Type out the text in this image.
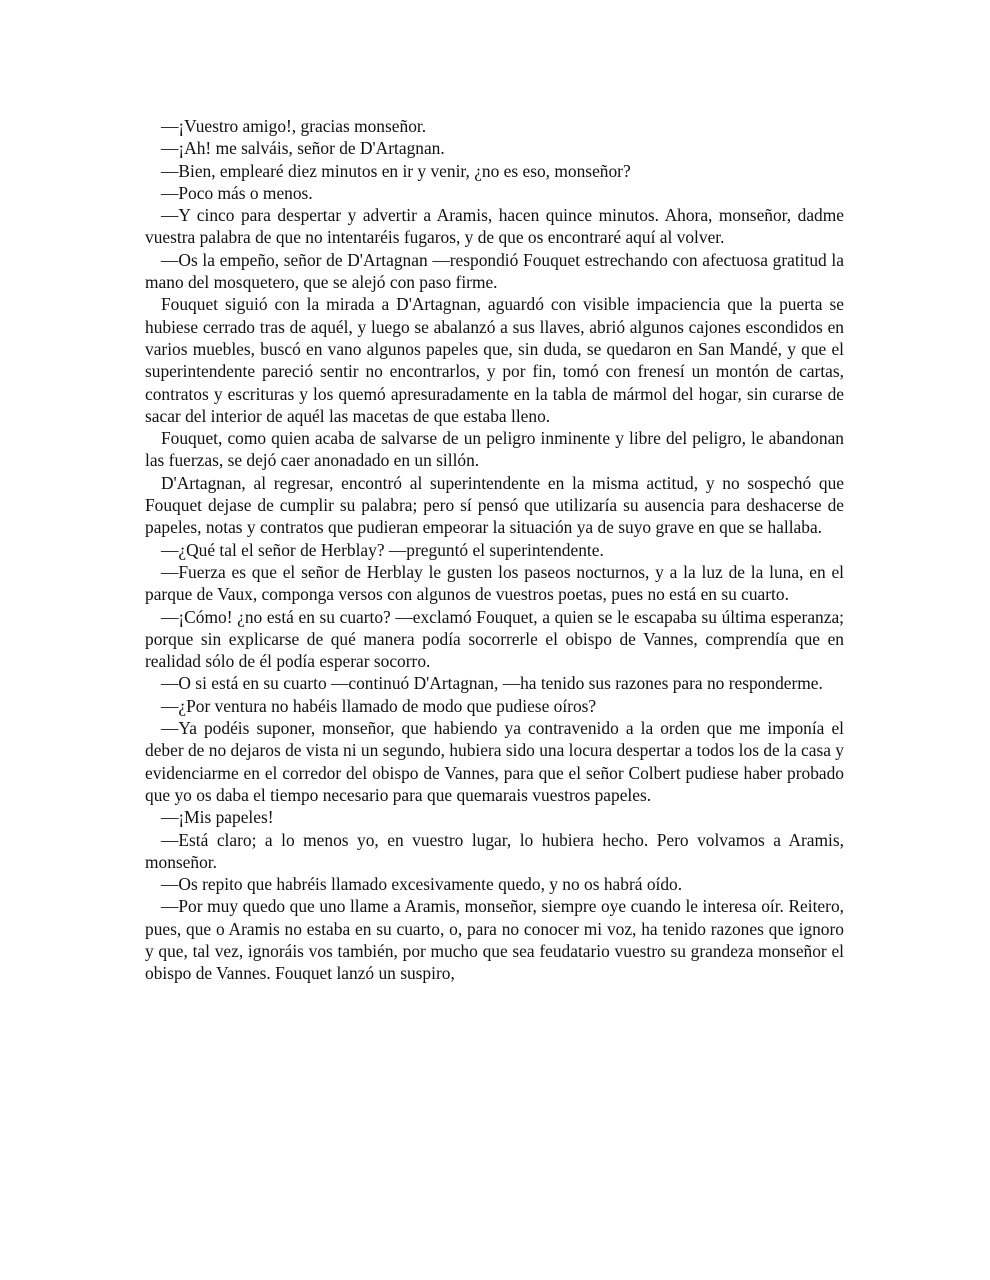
—¡Vuestro amigo!, gracias monseñor.

—¡Ah! me salváis, señor de D'Artagnan.

—Bien, emplearé diez minutos en ir y venir, ¿no es eso, monseñor?

—Poco más o menos.

—Y cinco para despertar y advertir a Aramis, hacen quince minutos. Ahora, monseñor, dadme vuestra palabra de que no intentaréis fugaros, y de que os encontraré aquí al volver.

—Os la empeño, señor de D'Artagnan —respondió Fouquet estrechando con afectuosa gratitud la mano del mosquetero, que se alejó con paso firme.

Fouquet siguió con la mirada a D'Artagnan, aguardó con visible impaciencia que la puerta se hubiese cerrado tras de aquél, y luego se abalanzó a sus llaves, abrió algunos cajones escondidos en varios muebles, buscó en vano algunos papeles que, sin duda, se quedaron en San Mandé, y que el superintendente pareció sentir no encontrarlos, y por fin, tomó con frenesí un montón de cartas, contratos y escrituras y los quemó apresuradamente en la tabla de mármol del hogar, sin curarse de sacar del interior de aquél las macetas de que estaba lleno.

Fouquet, como quien acaba de salvarse de un peligro inminente y libre del peligro, le abandonan las fuerzas, se dejó caer anonadado en un sillón.

D'Artagnan, al regresar, encontró al superintendente en la misma actitud, y no sospechó que Fouquet dejase de cumplir su palabra; pero sí pensó que utilizaría su ausencia para deshacerse de papeles, notas y contratos que pudieran empeorar la situación ya de suyo grave en que se hallaba.

—¿Qué tal el señor de Herblay? —preguntó el superintendente.

—Fuerza es que el señor de Herblay le gusten los paseos nocturnos, y a la luz de la luna, en el parque de Vaux, componga versos con algunos de vuestros poetas, pues no está en su cuarto.

—¡Cómo! ¿no está en su cuarto? —exclamó Fouquet, a quien se le escapaba su última esperanza; porque sin explicarse de qué manera podía socorrerle el obispo de Vannes, comprendía que en realidad sólo de él podía esperar socorro.

—O si está en su cuarto —continuó D'Artagnan, —ha tenido sus razones para no responderme.

—¿Por ventura no habéis llamado de modo que pudiese oíros?

—Ya podéis suponer, monseñor, que habiendo ya contravenido a la orden que me imponía el deber de no dejaros de vista ni un segundo, hubiera sido una locura despertar a todos los de la casa y evidenciarme en el corredor del obispo de Vannes, para que el señor Colbert pudiese haber probado que yo os daba el tiempo necesario para que quemarais vuestros papeles.

—¡Mis papeles!

—Está claro; a lo menos yo, en vuestro lugar, lo hubiera hecho. Pero volvamos a Aramis, monseñor.

—Os repito que habréis llamado excesivamente quedo, y no os habrá oído.

—Por muy quedo que uno llame a Aramis, monseñor, siempre oye cuando le interesa oír. Reitero, pues, que o Aramis no estaba en su cuarto, o, para no conocer mi voz, ha tenido razones que ignoro y que, tal vez, ignoráis vos también, por mucho que sea feudatario vuestro su grandeza monseñor el obispo de Vannes. Fouquet lanzó un suspiro,
